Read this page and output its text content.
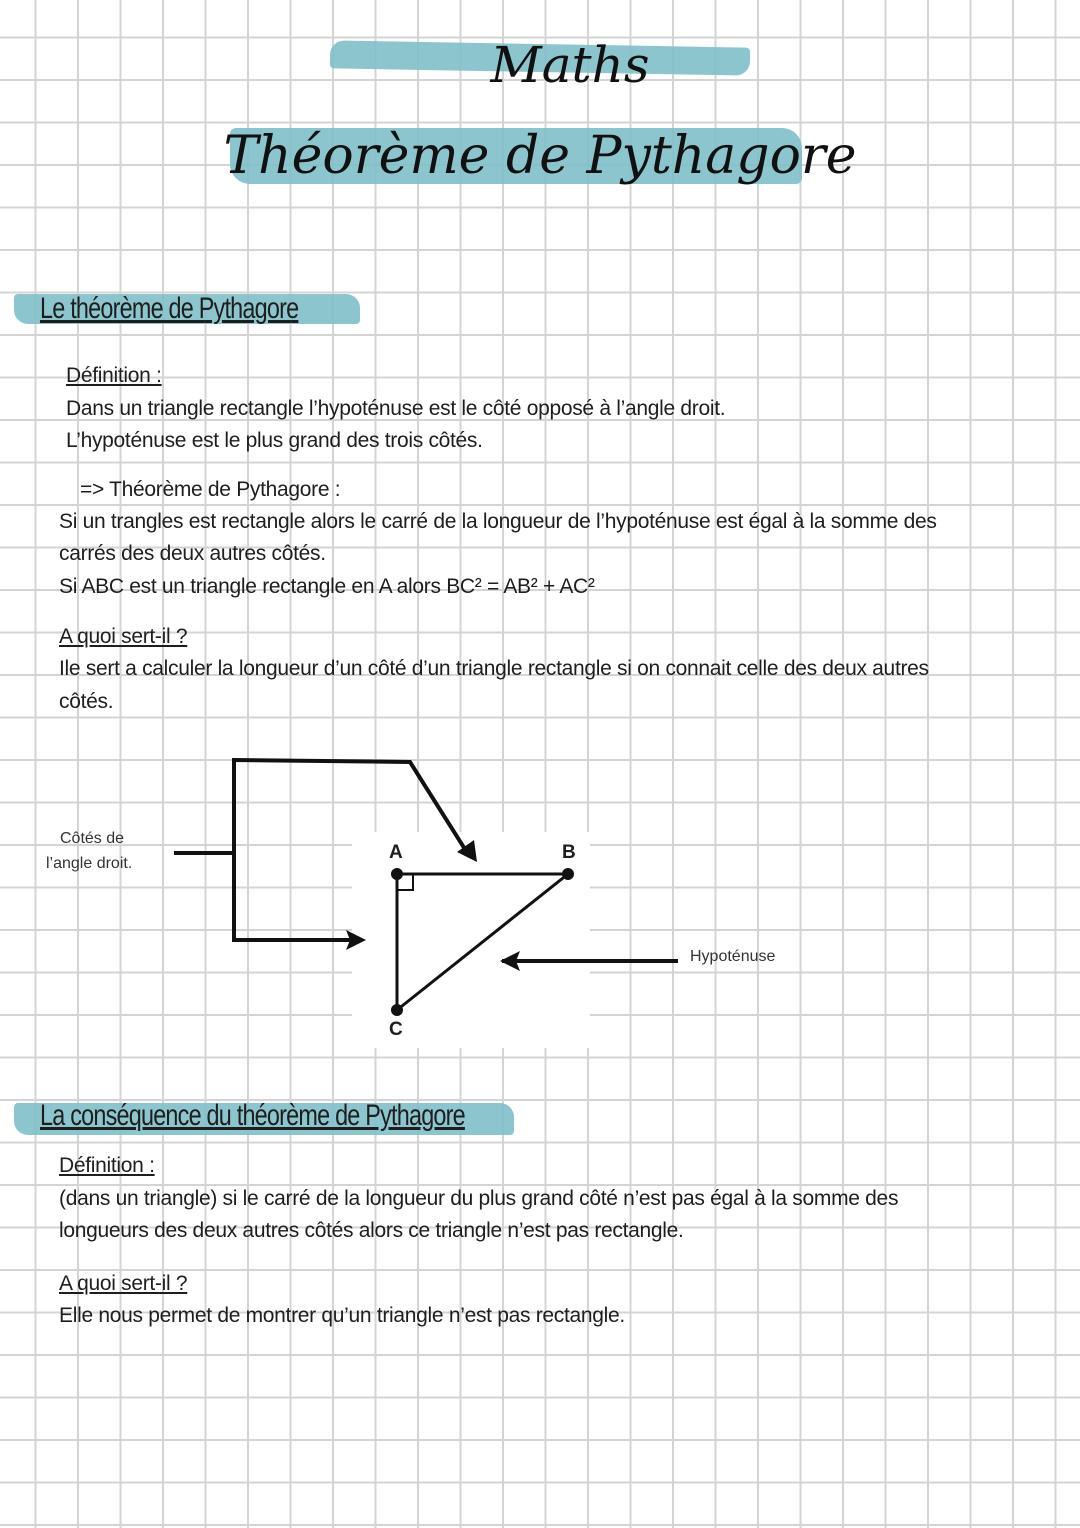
Maths
Théorème de Pythagore
Le théorème de Pythagore
Définition :
Dans un triangle rectangle l’hypoténuse est le côté opposé à l’angle droit.
L’hypoténuse est le plus grand des trois côtés.
=> Théorème de Pythagore :
Si un trangles est rectangle alors le carré de la longueur de l’hypoténuse est égal à la somme des
carrés des deux autres côtés.
Si ABC est un triangle rectangle en A alors BC² = AB² + AC²
A quoi sert-il ?
Ile sert a calculer la longueur d’un côté d’un triangle rectangle si on connait celle des deux autres
côtés.
A	B
C
Côtés de
l’angle droit.
Hypoténuse
La conséquence du théorème de Pythagore
Définition :
(dans un triangle) si le carré de la longueur du plus grand côté n’est pas égal à la somme des
longueurs des deux autres côtés alors ce triangle n’est pas rectangle.
A quoi sert-il ?
Elle nous permet de montrer qu’un triangle n’est pas rectangle.
